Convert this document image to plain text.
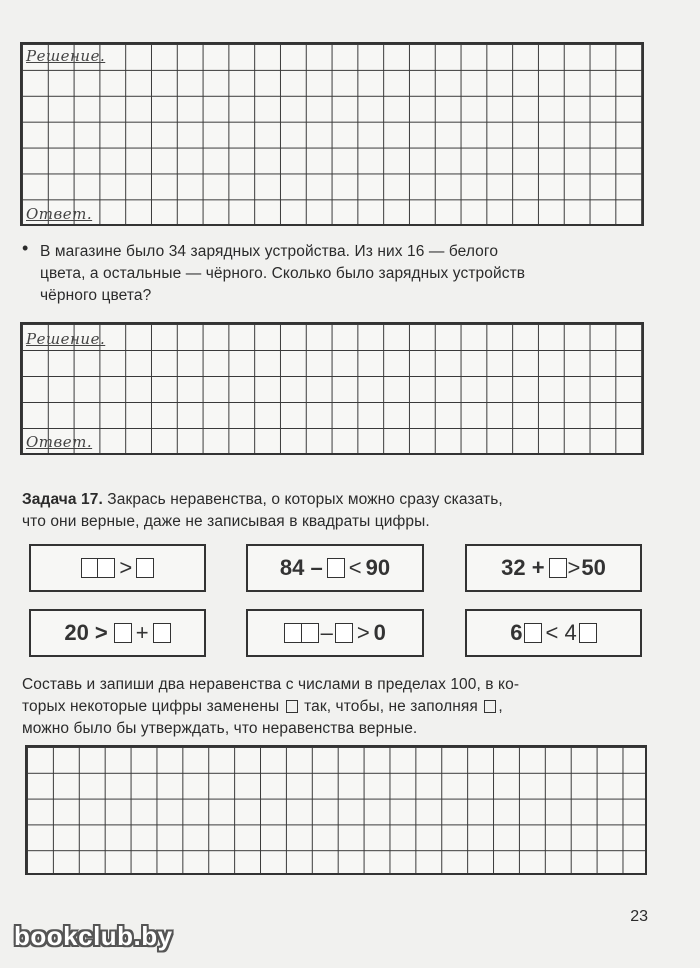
Решение.
Ответ.
• В магазине было 34 зарядных устройства. Из них 16 — белого

цвета, а остальные — чёрного. Сколько было зарядных устройств

чёрного цвета?

Решение.
Ответ.

Задача 17. Закрась неравенства, о которых можно сразу сказать,

что они верные, даже не записывая в квадраты цифры.

>	84 – < 90	32 + > 50
20 > +	– > 0	6 < 4

Составь и запиши два неравенства с числами в пределах 100, в ко-

торых некоторые цифры заменены так, чтобы, не заполняя ,

можно было бы утверждать, что неравенства верные.

23
bookclub.by
